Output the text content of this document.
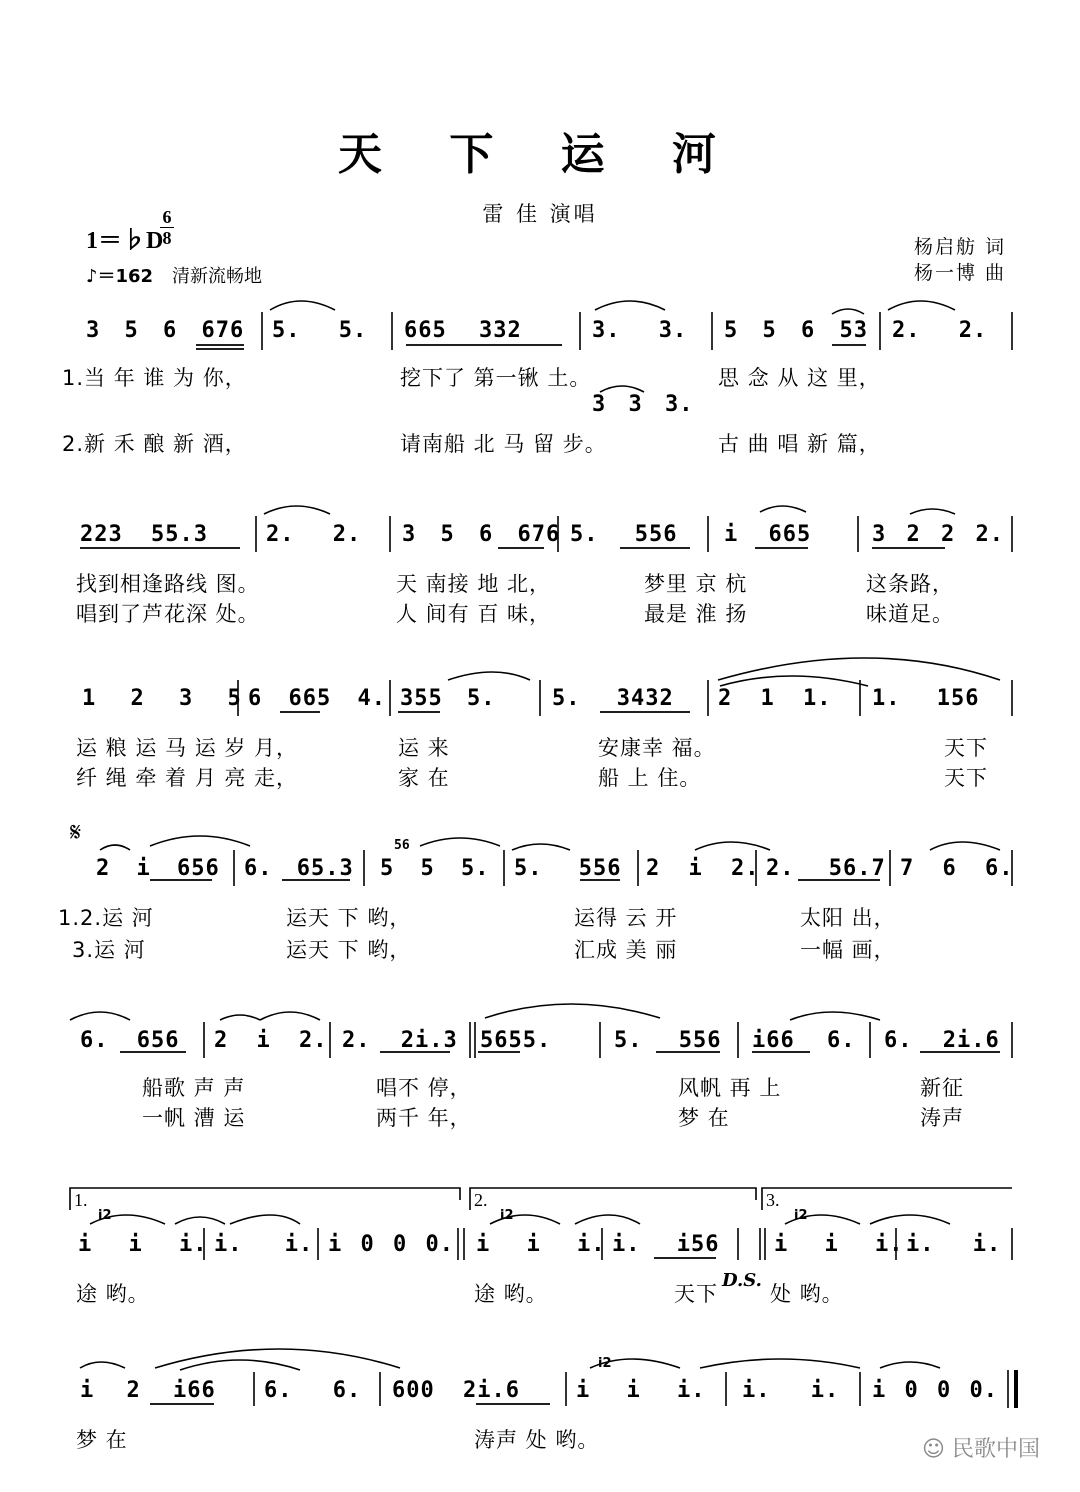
天 下 运 河
雷 佳 演唱
1＝♭D
6
8
♪＝162 清新流畅地
杨启舫 词
杨一博 曲
3 5 6 676 5. 5. 665 332	3. 3. 5 5 6 53 2. 2.
1.当 年 谁 为 你，	挖下了 第一锹 土。	思 念 从 这 里，
3 3 3.
2.新 禾 酿 新 酒，	请南船 北 马 留 步。	古 曲 唱 新 篇，
223 55.3	2. 2. 3 5 6 676 5. 556 i 665	3 2 2 2.
找到相逢路线 图。	天 南接 地 北，	梦里 京 杭	这条路，
唱到了芦花深 处。	人 间有 百 味，	最是 淮 扬	味道足。
1 2 3 5 6 665 4. 355 5.	5. 3432 2 1 1. 1. 156
运 粮 运 马 运 岁 月，	运 来	安康幸 福。	天下
纤 绳 牵 着 月 亮 走，	家 在	船 上 住。	天下
𝄋	56
2 i 656 6. 65.3 5 5 5. 5. 556 2 i 2. 2. 56.7 7 6 6.
1.2.运 河	运天 下 哟，	运得 云 开	太阳 出，
3.运 河	运天 下 哟，	汇成 美 丽	一幅 画，
6. 656 2 i 2. 2. 2i.3 5655.	5. 556 i66 6. 6. 2i.6
船歌 声 声	唱不 停，	风帆 再 上	新征
一帆 漕 运	两千 年，	梦 在	涛声
1.	2.	3.
i2	i2	i2
i i i. i. i. i 0 0 0. i i i. i. i56 i i i. i. i.
途 哟。	途 哟。	天下
D.S.
处 哟。
i2
i 2 i66 6. 6. 600 2i.6	i i i. i. i. i 0 0 0.
梦 在	涛声 处 哟。	☺ 民歌中国
